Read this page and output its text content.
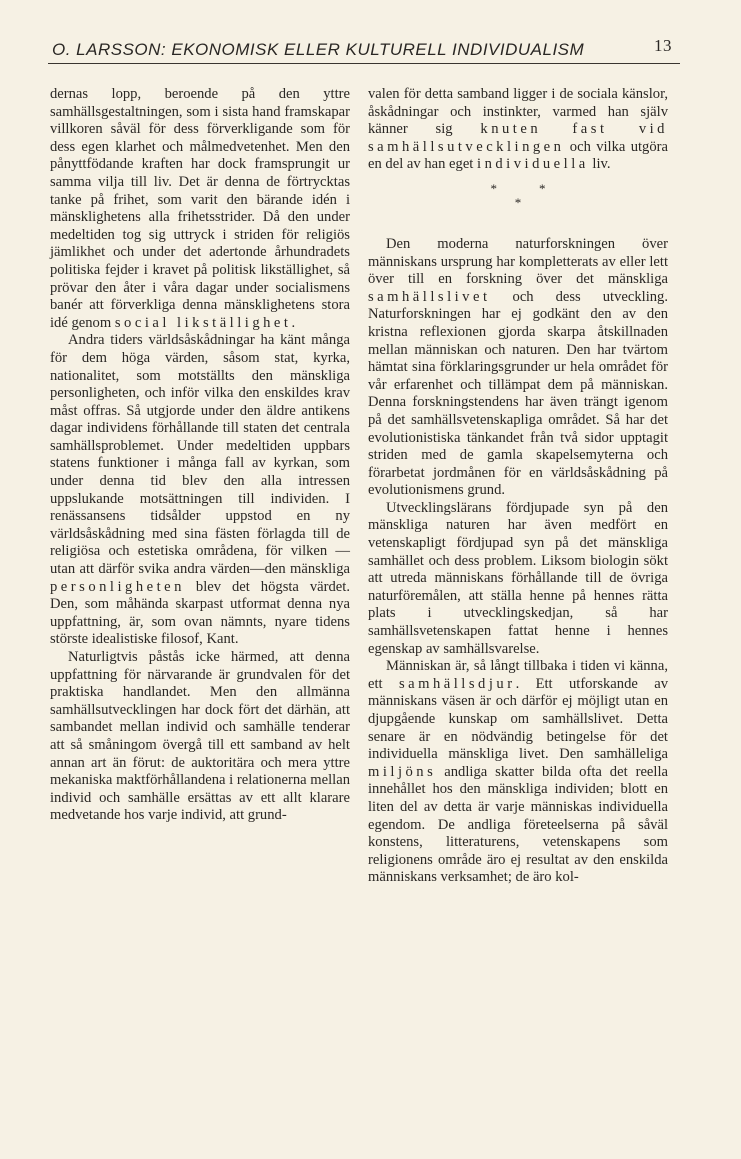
O. LARSSON: EKONOMISK ELLER KULTURELL INDIVIDUALISM	13

dernas lopp, beroende på den yttre samhällsgestaltningen, som i sista hand framskapar villkoren såväl för dess förverkligande som för dess egen klarhet och målmedvetenhet. Men den pånyttfödande kraften har dock framsprungit ur samma vilja till liv. Det är denna de förtrycktas tanke på frihet, som varit den bärande idén i mänsklighetens alla frihetsstrider. Då den under medeltiden tog sig uttryck i striden för religiös jämlikhet och under det adertonde århundradets politiska fejder i kravet på politisk likställighet, så prövar den åter i våra dagar under socialismens banér att förverkliga denna mänsklighetens stora idé genom social likställighet.

Andra tiders världsåskådningar ha känt många för dem höga värden, såsom stat, kyrka, nationalitet, som motställts den mänskliga personligheten, och inför vilka den enskildes krav måst offras. Så utgjorde under den äldre antikens dagar individens förhållande till staten det centrala samhällsproblemet. Under medeltiden uppbars statens funktioner i många fall av kyrkan, som under denna tid blev den alla intressen uppslukande motsättningen till individen. I renässansens tidsålder uppstod en ny världsåskådning med sina fästen förlagda till de religiösa och estetiska områdena, för vilken — utan att därför svika andra värden—den mänskliga personligheten blev det högsta värdet. Den, som måhända skarpast utformat denna nya uppfattning, är, som ovan nämnts, nyare tidens störste idealistiske filosof, Kant.

Naturligtvis påstås icke härmed, att denna uppfattning för närvarande är grundvalen för det praktiska handlandet. Men den allmänna samhällsutvecklingen har dock fört det därhän, att sambandet mellan individ och samhälle tenderar att så småningom övergå till ett samband av helt annan art än förut: de auktoritära och mera yttre mekaniska maktförhållandena i relationerna mellan individ och samhälle ersättas av ett allt klarare medvetande hos varje individ, att grund-

valen för detta samband ligger i de sociala känslor, åskådningar och instinkter, varmed han själv känner sig knuten fast vid samhällsutvecklingen och vilka utgöra en del av han eget individuella liv.

*	*
*

Den moderna naturforskningen över människans ursprung har kompletterats av eller lett över till en forskning över det mänskliga samhällslivet och dess utveckling. Naturforskningen har ej godkänt den av den kristna reflexionen gjorda skarpa åtskillnaden mellan människan och naturen. Den har tvärtom hämtat sina förklaringsgrunder ur hela området för vår erfarenhet och tillämpat dem på människan. Denna forskningstendens har även trängt igenom på det samhällsvetenskapliga området. Så har det evolutionistiska tänkandet från två sidor upptagit striden med de gamla skapelsemyterna och förarbetat jordmånen för en världsåskådning på evolutionismens grund.

Utvecklingslärans fördjupade syn på den mänskliga naturen har även medfört en vetenskapligt fördjupad syn på det mänskliga samhället och dess problem. Liksom biologin sökt att utreda människans förhållande till de övriga naturföremålen, att ställa henne på hennes rätta plats i utvecklingskedjan, så har samhällsvetenskapen fattat henne i hennes egenskap av samhällsvarelse.

Människan är, så långt tillbaka i tiden vi känna, ett samhällsdjur. Ett utforskande av människans väsen är och därför ej möjligt utan en djupgående kunskap om samhällslivet. Detta senare är en nödvändig betingelse för det individuella mänskliga livet. Den samhälleliga miljöns andliga skatter bilda ofta det reella innehållet hos den mänskliga individen; blott en liten del av detta är varje människas individuella egendom. De andliga företeelserna på såväl konstens, litteraturens, vetenskapens som religionens område äro ej resultat av den enskilda människans verksamhet; de äro kol-
